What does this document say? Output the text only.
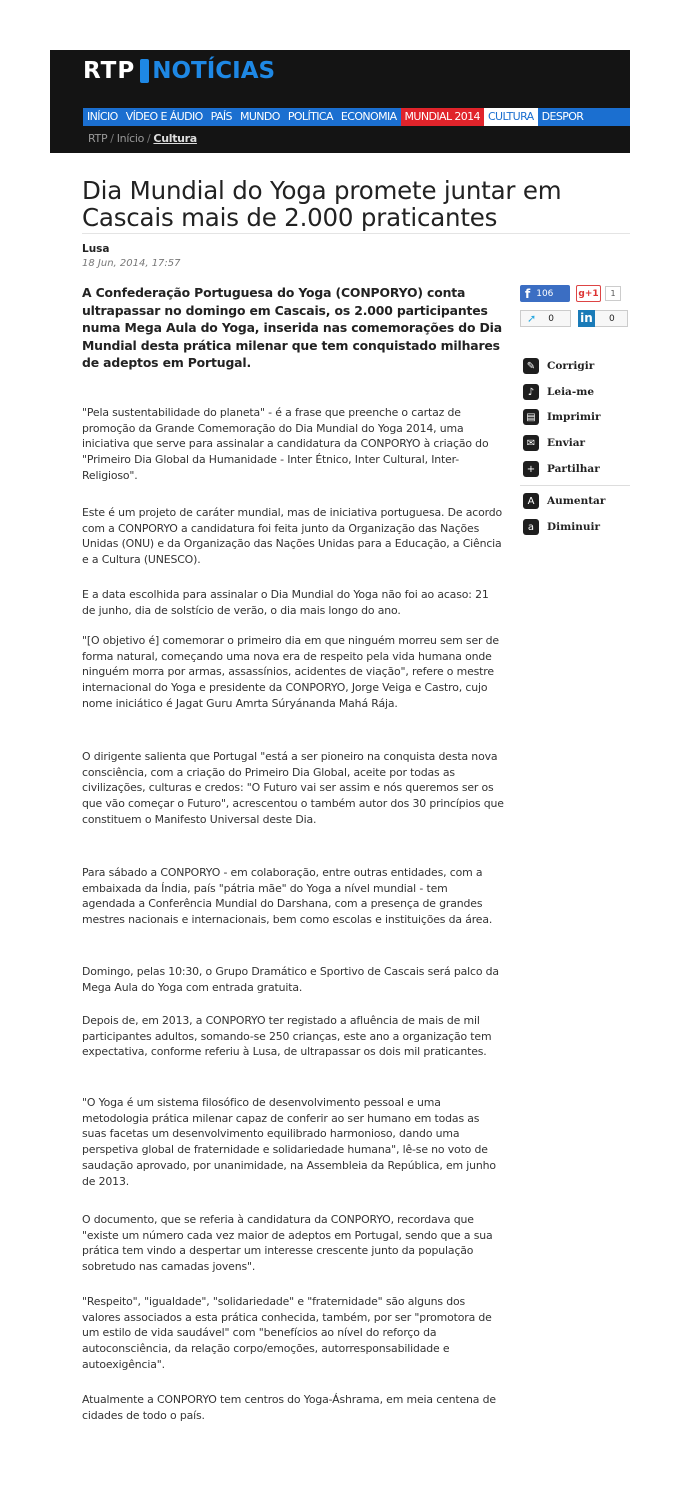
RTP NOTÍCIAS
INÍCIO VÍDEO E ÁUDIO PAÍS MUNDO POLÍTICA ECONOMIA MUNDIAL 2014 CULTURA DESPOR
RTP / Início / Cultura
Dia Mundial do Yoga promete juntar em Cascais mais de 2.000 praticantes
Lusa
18 Jun, 2014, 17:57

A Confederação Portuguesa do Yoga (CONPORYO) conta ultrapassar no domingo em Cascais, os 2.000 participantes numa Mega Aula do Yoga, inserida nas comemorações do Dia Mundial desta prática milenar que tem conquistado milhares de adeptos em Portugal.

"Pela sustentabilidade do planeta" - é a frase que preenche o cartaz de promoção da Grande Comemoração do Dia Mundial do Yoga 2014, uma iniciativa que serve para assinalar a candidatura da CONPORYO à criação do "Primeiro Dia Global da Humanidade - Inter Étnico, Inter Cultural, Inter-Religioso".

Este é um projeto de caráter mundial, mas de iniciativa portuguesa. De acordo com a CONPORYO a candidatura foi feita junto da Organização das Nações Unidas (ONU) e da Organização das Nações Unidas para a Educação, a Ciência e a Cultura (UNESCO).

E a data escolhida para assinalar o Dia Mundial do Yoga não foi ao acaso: 21 de junho, dia de solstício de verão, o dia mais longo do ano.

"[O objetivo é] comemorar o primeiro dia em que ninguém morreu sem ser de forma natural, começando uma nova era de respeito pela vida humana onde ninguém morra por armas, assassínios, acidentes de viação", refere o mestre internacional do Yoga e presidente da CONPORYO, Jorge Veiga e Castro, cujo nome iniciático é Jagat Guru Amrta Súryánanda Mahá Rája.

O dirigente salienta que Portugal "está a ser pioneiro na conquista desta nova consciência, com a criação do Primeiro Dia Global, aceite por todas as civilizações, culturas e credos: "O Futuro vai ser assim e nós queremos ser os que vão começar o Futuro", acrescentou o também autor dos 30 princípios que constituem o Manifesto Universal deste Dia.

Para sábado a CONPORYO - em colaboração, entre outras entidades, com a embaixada da Índia, país "pátria mãe" do Yoga a nível mundial - tem agendada a Conferência Mundial do Darshana, com a presença de grandes mestres nacionais e internacionais, bem como escolas e instituições da área.

Domingo, pelas 10:30, o Grupo Dramático e Sportivo de Cascais será palco da Mega Aula do Yoga com entrada gratuita.

Depois de, em 2013, a CONPORYO ter registado a afluência de mais de mil participantes adultos, somando-se 250 crianças, este ano a organização tem expectativa, conforme referiu à Lusa, de ultrapassar os dois mil praticantes.

"O Yoga é um sistema filosófico de desenvolvimento pessoal e uma metodologia prática milenar capaz de conferir ao ser humano em todas as suas facetas um desenvolvimento equilibrado harmonioso, dando uma perspetiva global de fraternidade e solidariedade humana", lê-se no voto de saudação aprovado, por unanimidade, na Assembleia da República, em junho de 2013.

O documento, que se referia à candidatura da CONPORYO, recordava que "existe um número cada vez maior de adeptos em Portugal, sendo que a sua prática tem vindo a despertar um interesse crescente junto da população sobretudo nas camadas jovens".

"Respeito", "igualdade", "solidariedade" e "fraternidade" são alguns dos valores associados a esta prática conhecida, também, por ser "promotora de um estilo de vida saudável" com "benefícios ao nível do reforço da autoconsciência, da relação corpo/emoções, autorresponsabilidade e autoexigência".

Atualmente a CONPORYO tem centros do Yoga-Áshrama, em meia centena de cidades de todo o país.

f 106	g+1	1
➚ 0 in 0
✎	Corrigir
♪	Leia-me
▤	Imprimir
✉	Enviar
+	Partilhar
A	Aumentar
a	Diminuir
